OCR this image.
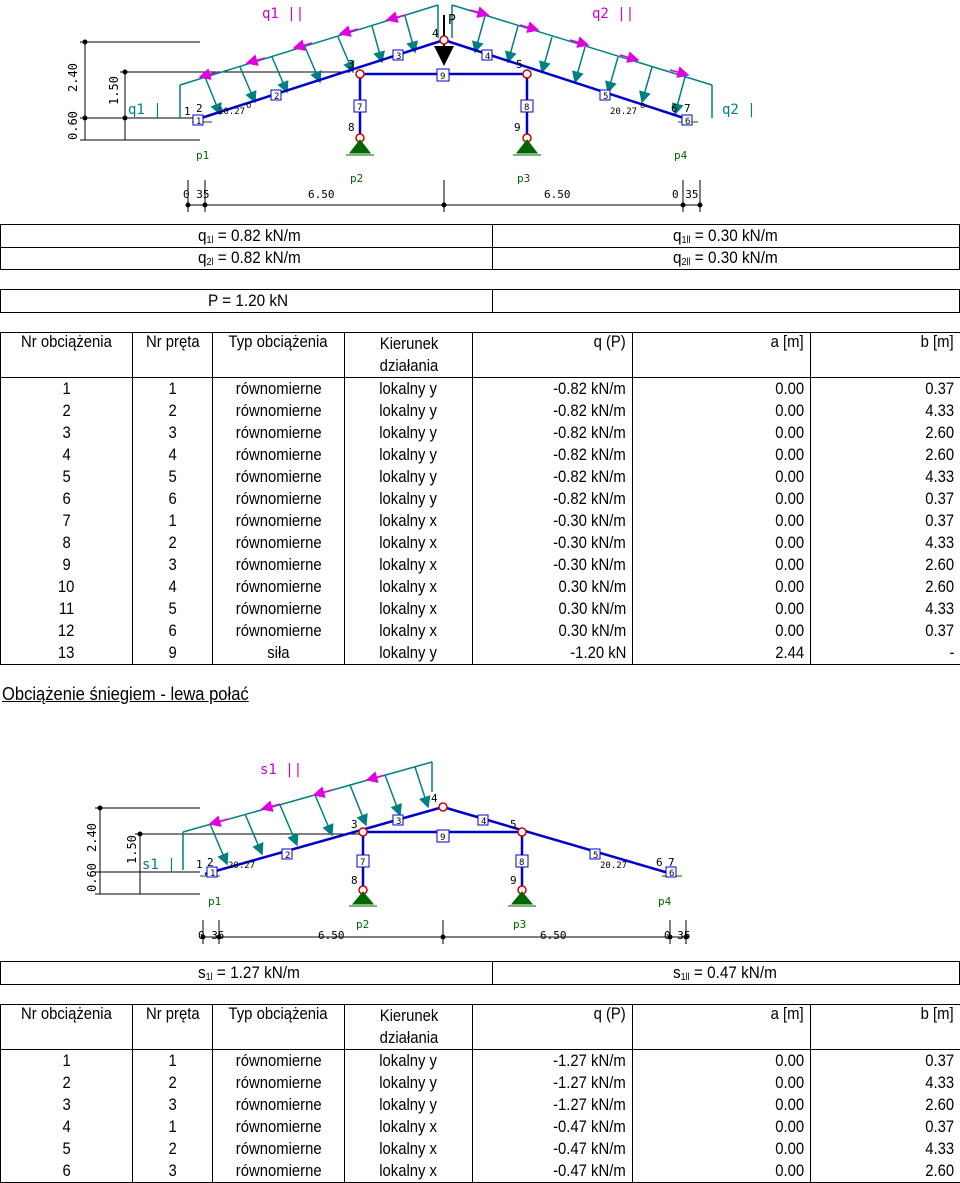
2.40 1.50
0.60
q1 ||	q2 ||
q1 |	q2 |
P
1
2
3	4
5
6
7	8
9
1 2
3
4
5
6 7
8	9
20.27	20.27
o	o
p1
p2	p3
p4
0 35	6.50	6.50	0 35
$q_{1l} = 0.82$ kN/m	$q_{1ll} = 0.30$ kN/m
$q_{2l} = 0.82$ kN/m	$q_{2ll} = 0.30$ kN/m
P = 1.20 kN
Nr obciążenia	Nr pręta	Typ obciążenia	Kierunek działania	q (P)	a [m]	b [m]
1	1	równomierne	lokalny y	-0.82 kN/m	0.00	0.37
2	2	równomierne	lokalny y	-0.82 kN/m	0.00	4.33
3	3	równomierne	lokalny y	-0.82 kN/m	0.00	2.60
4	4	równomierne	lokalny y	-0.82 kN/m	0.00	2.60
5	5	równomierne	lokalny y	-0.82 kN/m	0.00	4.33
6	6	równomierne	lokalny y	-0.82 kN/m	0.00	0.37
7	1	równomierne	lokalny x	-0.30 kN/m	0.00	0.37
8	2	równomierne	lokalny x	-0.30 kN/m	0.00	4.33
9	3	równomierne	lokalny x	-0.30 kN/m	0.00	2.60
10	4	równomierne	lokalny x	0.30 kN/m	0.00	2.60
11	5	równomierne	lokalny x	0.30 kN/m	0.00	4.33
12	6	równomierne	lokalny x	0.30 kN/m	0.00	0.37
13	9	siła	lokalny y	-1.20 kN	2.44	-
Obciążenie śniegiem - lewa połać
2.40 1.50
0.60
s1 ||
s1 |
1
2
3	4
5
6
7	8
9
1 2
3
4
5
6 7
8	9
20.27	20.27
p1
p2	p3
p4
0 35	6.50	6.50	0 35
$s_{1l} = 1.27$ kN/m	$s_{1ll} = 0.47$ kN/m
Nr obciążenia	Nr pręta	Typ obciążenia	Kierunek działania	q (P)	a [m]	b [m]
1	1	równomierne	lokalny y	-1.27 kN/m	0.00	0.37
2	2	równomierne	lokalny y	-1.27 kN/m	0.00	4.33
3	3	równomierne	lokalny y	-1.27 kN/m	0.00	2.60
4	1	równomierne	lokalny x	-0.47 kN/m	0.00	0.37
5	2	równomierne	lokalny x	-0.47 kN/m	0.00	4.33
6	3	równomierne	lokalny x	-0.47 kN/m	0.00	2.60
